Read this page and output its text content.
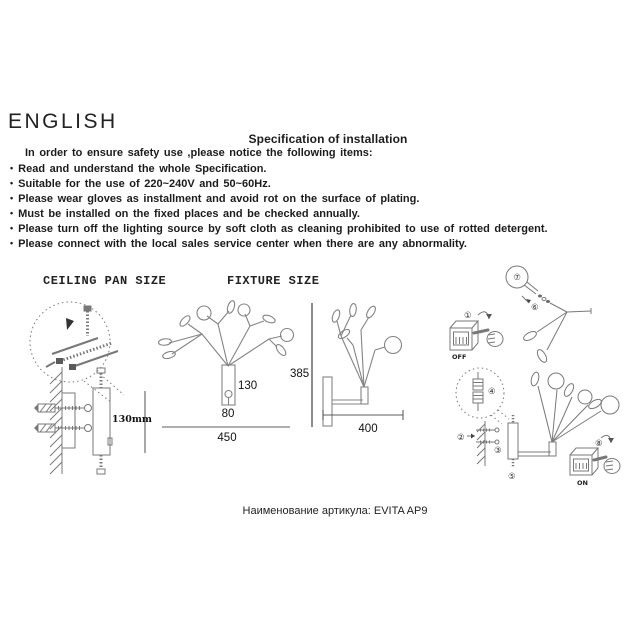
ENGLISH
Specification of installation
In order to ensure safety use ,please notice the following items:
• Read and understand the whole Specification.
• Suitable for the use of 220~240V and 50~60Hz.
• Please wear gloves as installment and avoid rot on the surface of plating.
• Must be installed on the fixed places and be checked annually.
• Please turn off the lighting source by soft cloth as cleaning prohibited to use of rotted detergent.
• Please connect with the local sales service center when there are any abnormality.
CEILING PAN SIZE	FIXTURE SIZE
130mm
130
80
450
385
400
⑦
⑥
①
OFF
④
②
③
⑤
⑧
ON
Наименование артикула: EVITA AP9
